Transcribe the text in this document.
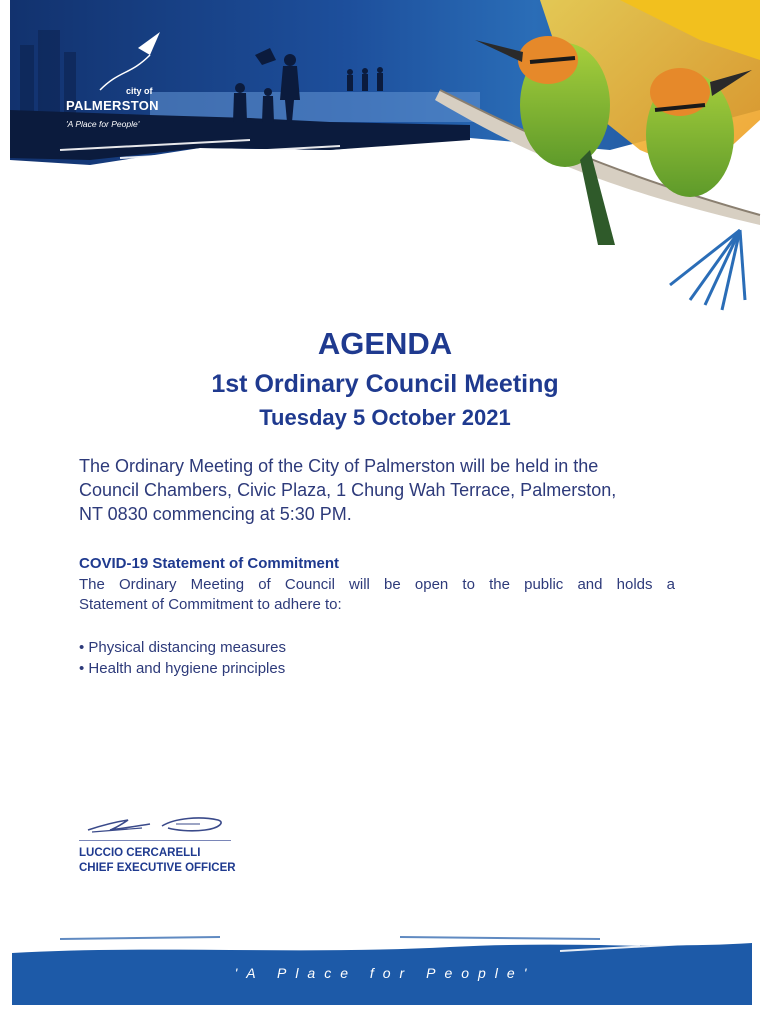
city of
PALMERSTON
'A Place for People'
AGENDA
1st Ordinary Council Meeting
Tuesday 5 October 2021
The Ordinary Meeting of the City of Palmerston will be held in the
Council Chambers, Civic Plaza, 1 Chung Wah Terrace, Palmerston,
NT 0830 commencing at 5:30 PM.
COVID-19 Statement of Commitment
The Ordinary Meeting of Council will be open to the public and holds a
Statement of Commitment to adhere to:
• Physical distancing measures
• Health and hygiene principles
LUCCIO CERCARELLI
CHIEF EXECUTIVE OFFICER
'A Place for People'
